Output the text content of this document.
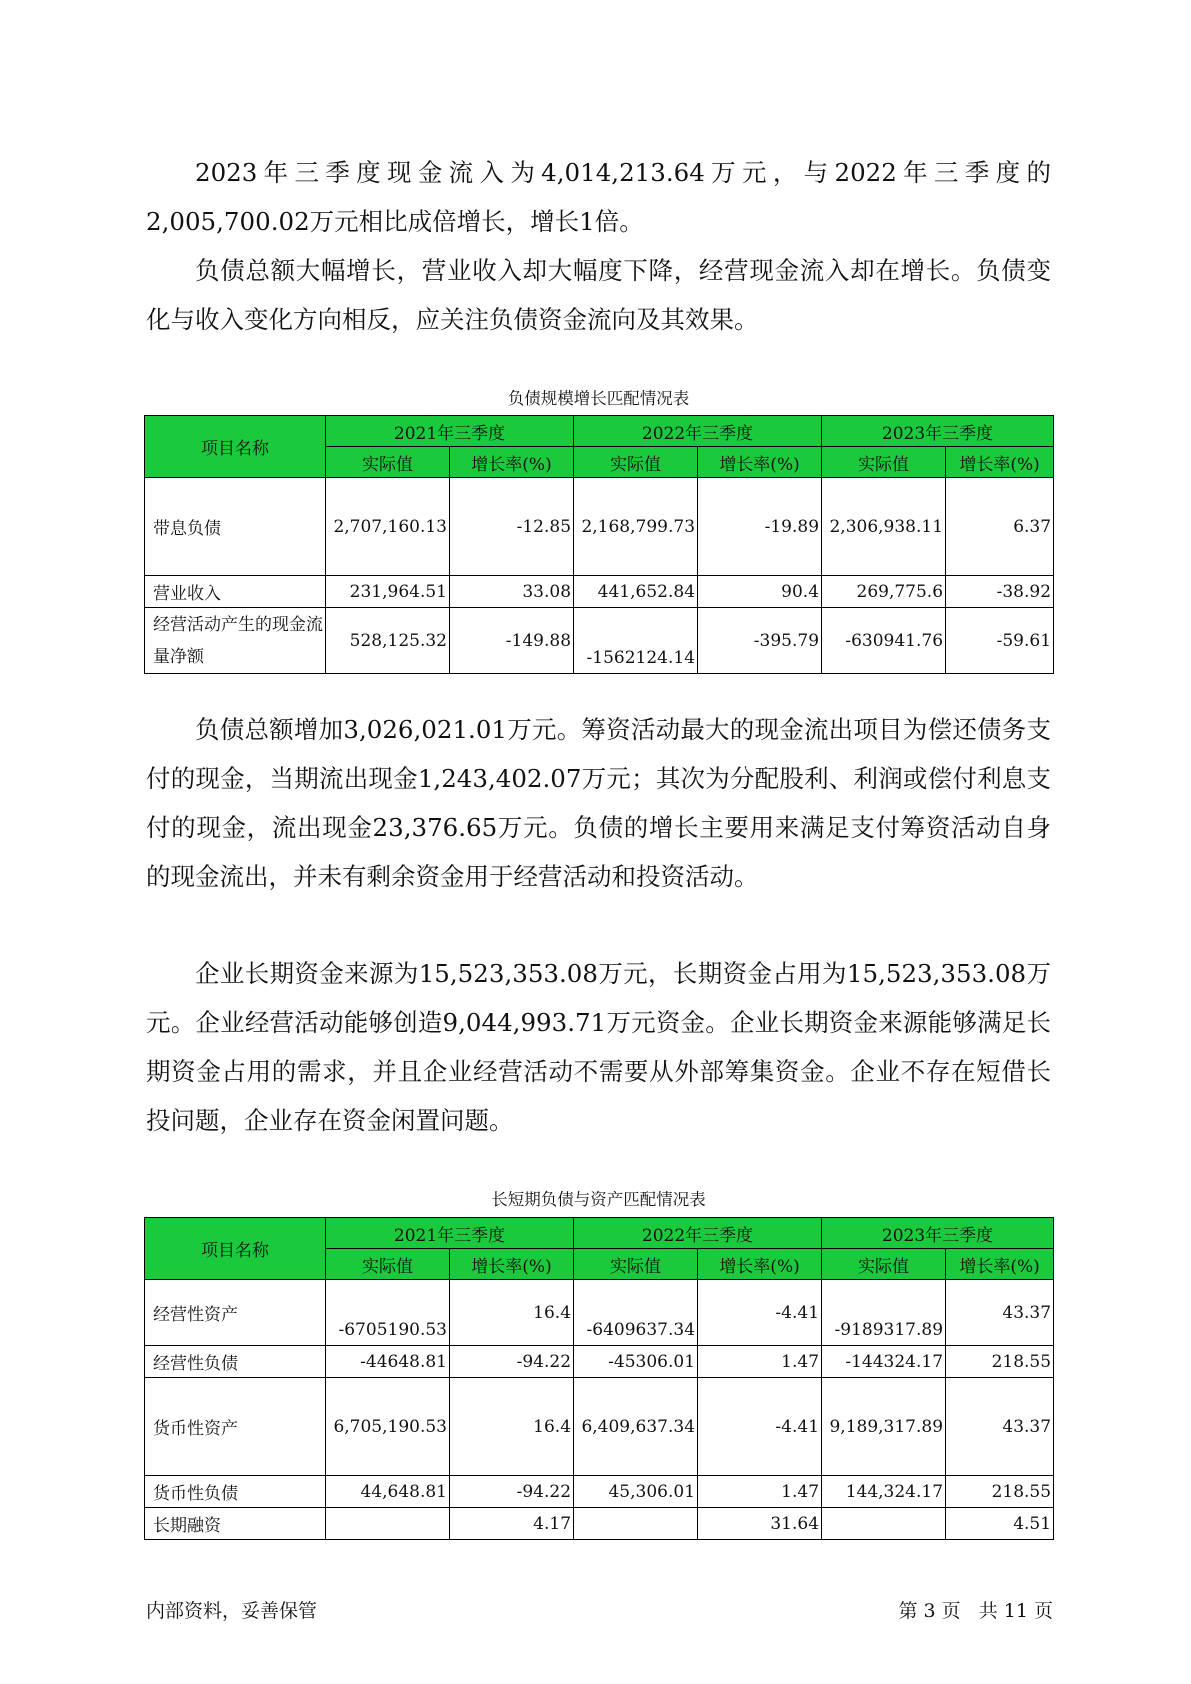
2023年三季度现金流入为4,014,213.64万元，与2022年三季度的2,005,700.02万元相比成倍增长，增长1倍。

负债总额大幅增长，营业收入却大幅度下降，经营现金流入却在增长。负债变化与收入变化方向相反，应关注负债资金流向及其效果。

负债规模增长匹配情况表
项目名称	2021年三季度		2022年三季度		2023年三季度	
	实际值	增长率(%)	实际值	增长率(%)	实际值	增长率(%)
带息负债	2,707,160.13	-12.85	2,168,799.73	-19.89	2,306,938.11	6.37
营业收入	231,964.51	33.08	441,652.84	90.4	269,775.6	-38.92
经营活动产生的现金流量净额	528,125.32	-149.88	-1562124.14	-395.79	-630941.76	-59.61

负债总额增加3,026,021.01万元。筹资活动最大的现金流出项目为偿还债务支付的现金，当期流出现金1,243,402.07万元；其次为分配股利、利润或偿付利息支付的现金，流出现金23,376.65万元。负债的增长主要用来满足支付筹资活动自身的现金流出，并未有剩余资金用于经营活动和投资活动。

企业长期资金来源为15,523,353.08万元，长期资金占用为15,523,353.08万元。企业经营活动能够创造9,044,993.71万元资金。企业长期资金来源能够满足长期资金占用的需求，并且企业经营活动不需要从外部筹集资金。企业不存在短借长投问题，企业存在资金闲置问题。

长短期负债与资产匹配情况表
项目名称	2021年三季度		2022年三季度		2023年三季度	
	实际值	增长率(%)	实际值	增长率(%)	实际值	增长率(%)
经营性资产	-6705190.53	16.4	-6409637.34	-4.41	-9189317.89	43.37
经营性负债	-44648.81	-94.22	-45306.01	1.47	-144324.17	218.55
货币性资产	6,705,190.53	16.4	6,409,637.34	-4.41	9,189,317.89	43.37
货币性负债	44,648.81	-94.22	45,306.01	1.47	144,324.17	218.55
长期融资		4.17		31.64		4.51
内部资料，妥善保管	第 3 页 共 11 页
